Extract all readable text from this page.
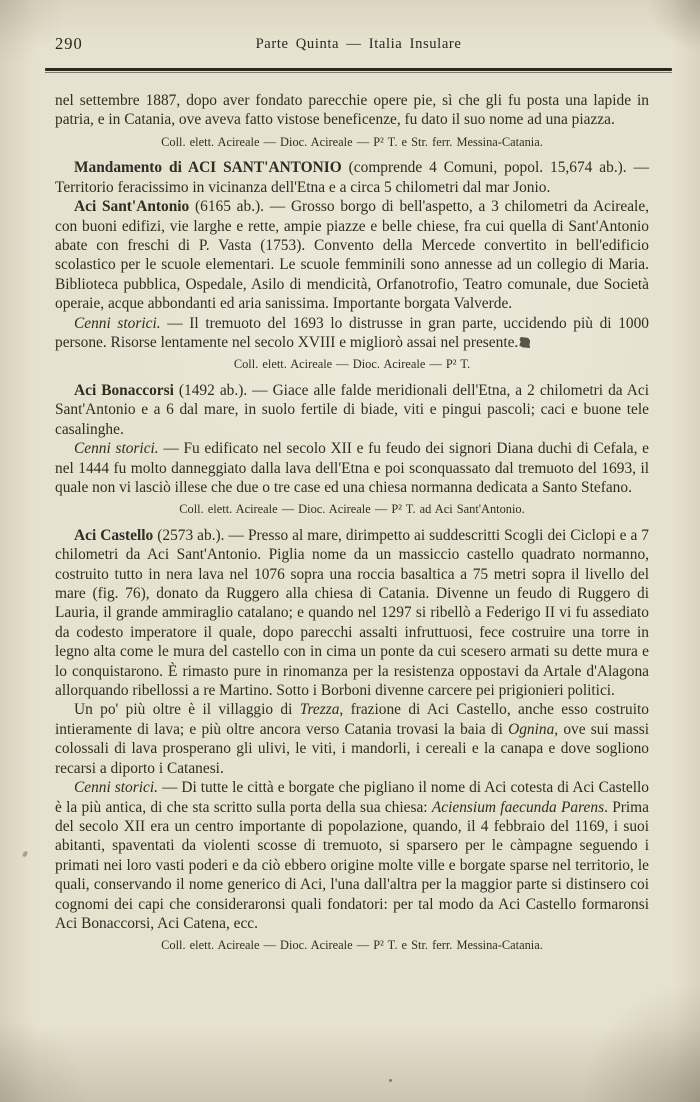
290	Parte Quinta — Italia Insulare

nel settembre 1887, dopo aver fondato parecchie opere pie, sì che gli fu posta una lapide in patria, e in Catania, ove aveva fatto vistose beneficenze, fu dato il suo nome ad una piazza.

Coll. elett. Acireale — Dioc. Acireale — P² T. e Str. ferr. Messina-Catania.

Mandamento di ACI SANT'ANTONIO (comprende 4 Comuni, popol. 15,674 ab.). — Territorio feracissimo in vicinanza dell'Etna e a circa 5 chilometri dal mar Jonio.

Aci Sant'Antonio (6165 ab.). — Grosso borgo di bell'aspetto, a 3 chilometri da Acireale, con buoni edifizi, vie larghe e rette, ampie piazze e belle chiese, fra cui quella di Sant'Antonio abate con freschi di P. Vasta (1753). Convento della Mercede convertito in bell'edificio scolastico per le scuole elementari. Le scuole femminili sono annesse ad un collegio di Maria. Biblioteca pubblica, Ospedale, Asilo di mendicità, Orfanotrofio, Teatro comunale, due Società operaie, acque abbondanti ed aria sanissima. Importante borgata Valverde.

Cenni storici. — Il tremuoto del 1693 lo distrusse in gran parte, uccidendo più di 1000 persone. Risorse lentamente nel secolo XVIII e migliorò assai nel presente.

Coll. elett. Acireale — Dioc. Acireale — P² T.

Aci Bonaccorsi (1492 ab.). — Giace alle falde meridionali dell'Etna, a 2 chilometri da Aci Sant'Antonio e a 6 dal mare, in suolo fertile di biade, viti e pingui pascoli; caci e buone tele casalinghe.

Cenni storici. — Fu edificato nel secolo XII e fu feudo dei signori Diana duchi di Cefala, e nel 1444 fu molto danneggiato dalla lava dell'Etna e poi sconquassato dal tremuoto del 1693, il quale non vi lasciò illese che due o tre case ed una chiesa normanna dedicata a Santo Stefano.

Coll. elett. Acireale — Dioc. Acireale — P² T. ad Aci Sant'Antonio.

Aci Castello (2573 ab.). — Presso al mare, dirimpetto ai suddescritti Scogli dei Ciclopi e a 7 chilometri da Aci Sant'Antonio. Piglia nome da un massiccio castello quadrato normanno, costruito tutto in nera lava nel 1076 sopra una roccia basaltica a 75 metri sopra il livello del mare (fig. 76), donato da Ruggero alla chiesa di Catania. Divenne un feudo di Ruggero di Lauria, il grande ammiraglio catalano; e quando nel 1297 si ribellò a Federigo II vi fu assediato da codesto imperatore il quale, dopo parecchi assalti infruttuosi, fece costruire una torre in legno alta come le mura del castello con in cima un ponte da cui scesero armati su dette mura e lo conquistarono. È rimasto pure in rinomanza per la resistenza oppostavi da Artale d'Alagona allorquando ribellossi a re Martino. Sotto i Borboni divenne carcere pei prigionieri politici.

Un po' più oltre è il villaggio di Trezza, frazione di Aci Castello, anche esso costruito intieramente di lava; e più oltre ancora verso Catania trovasi la baia di Ognina, ove sui massi colossali di lava prosperano gli ulivi, le viti, i mandorli, i cereali e la canapa e dove sogliono recarsi a diporto i Catanesi.

Cenni storici. — Di tutte le città e borgate che pigliano il nome di Aci cotesta di Aci Castello è la più antica, di che sta scritto sulla porta della sua chiesa: Aciensium faecunda Parens. Prima del secolo XII era un centro importante di popolazione, quando, il 4 febbraio del 1169, i suoi abitanti, spaventati da violenti scosse di tremuoto, si sparsero per le càmpagne seguendo i primati nei loro vasti poderi e da ciò ebbero origine molte ville e borgate sparse nel territorio, le quali, conservando il nome generico di Aci, l'una dall'altra per la maggior parte si distinsero coi cognomi dei capi che consideraronsi quali fondatori: per tal modo da Aci Castello formaronsi Aci Bonaccorsi, Aci Catena, ecc.

Coll. elett. Acireale — Dioc. Acireale — P² T. e Str. ferr. Messina-Catania.
